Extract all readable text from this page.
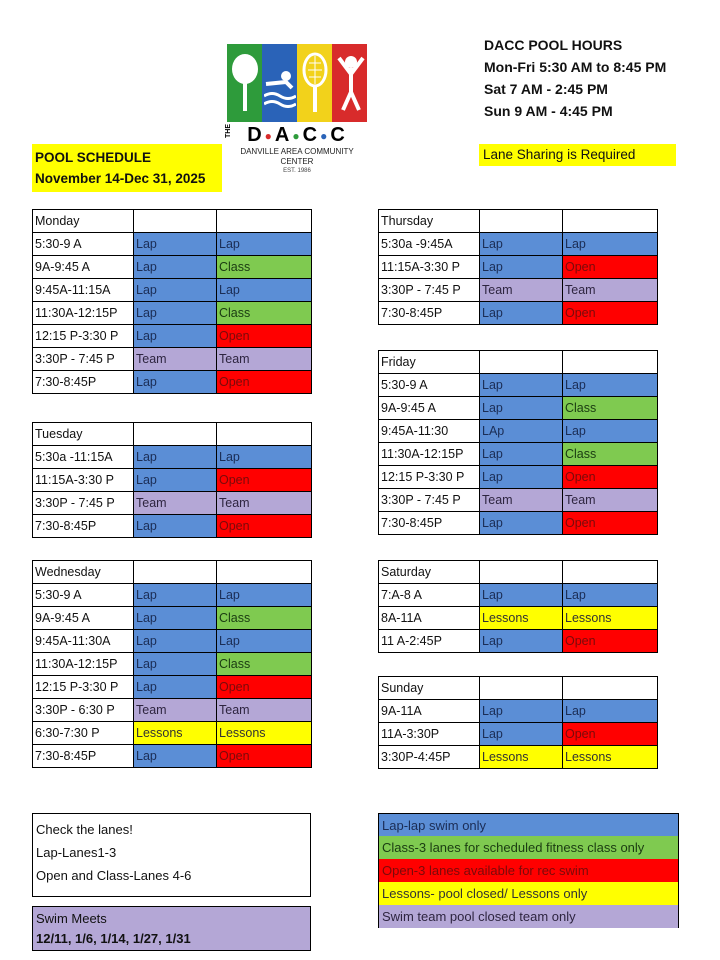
THE D●A●C●C
DANVILLE AREA COMMUNITY CENTER
EST. 1986
DACC POOL HOURS
Mon-Fri 5:30 AM to 8:45 PM
Sat 7 AM - 2:45 PM
Sun 9 AM - 4:45 PM
POOL SCHEDULE
November 14-Dec 31, 2025
Lane Sharing is Required
Monday		
5:30-9 A	Lap	Lap
9A-9:45 A	Lap	Class
9:45A-11:15A	Lap	Lap
11:30A-12:15P	Lap	Class
12:15 P-3:30 P	Lap	Open
3:30P - 7:45 P	Team	Team
7:30-8:45P	Lap	Open
Tuesday		
5:30a -11:15A	Lap	Lap
11:15A-3:30 P	Lap	Open
3:30P - 7:45 P	Team	Team
7:30-8:45P	Lap	Open
Wednesday		
5:30-9 A	Lap	Lap
9A-9:45 A	Lap	Class
9:45A-11:30A	Lap	Lap
11:30A-12:15P	Lap	Class
12:15 P-3:30 P	Lap	Open
3:30P - 6:30 P	Team	Team
6:30-7:30 P	Lessons	Lessons
7:30-8:45P	Lap	Open
Thursday		
5:30a -9:45A	Lap	Lap
11:15A-3:30 P	Lap	Open
3:30P - 7:45 P	Team	Team
7:30-8:45P	Lap	Open
Friday		
5:30-9 A	Lap	Lap
9A-9:45 A	Lap	Class
9:45A-11:30	LAp	Lap
11:30A-12:15P	Lap	Class
12:15 P-3:30 P	Lap	Open
3:30P - 7:45 P	Team	Team
7:30-8:45P	Lap	Open
Saturday		
7:A-8 A	Lap	Lap
8A-11A	Lessons	Lessons
11 A-2:45P	Lap	Open
Sunday		
9A-11A	Lap	Lap
11A-3:30P	Lap	Open
3:30P-4:45P	Lessons	Lessons
Check the lanes!
Lap-Lanes1-3
Open and Class-Lanes 4-6
Swim Meets
12/11, 1/6, 1/14, 1/27, 1/31
Lap-lap swim only
Class-3 lanes for scheduled fitness class only
Open-3 lanes available for rec swim
Lessons- pool closed/ Lessons only
Swim team pool closed team only
